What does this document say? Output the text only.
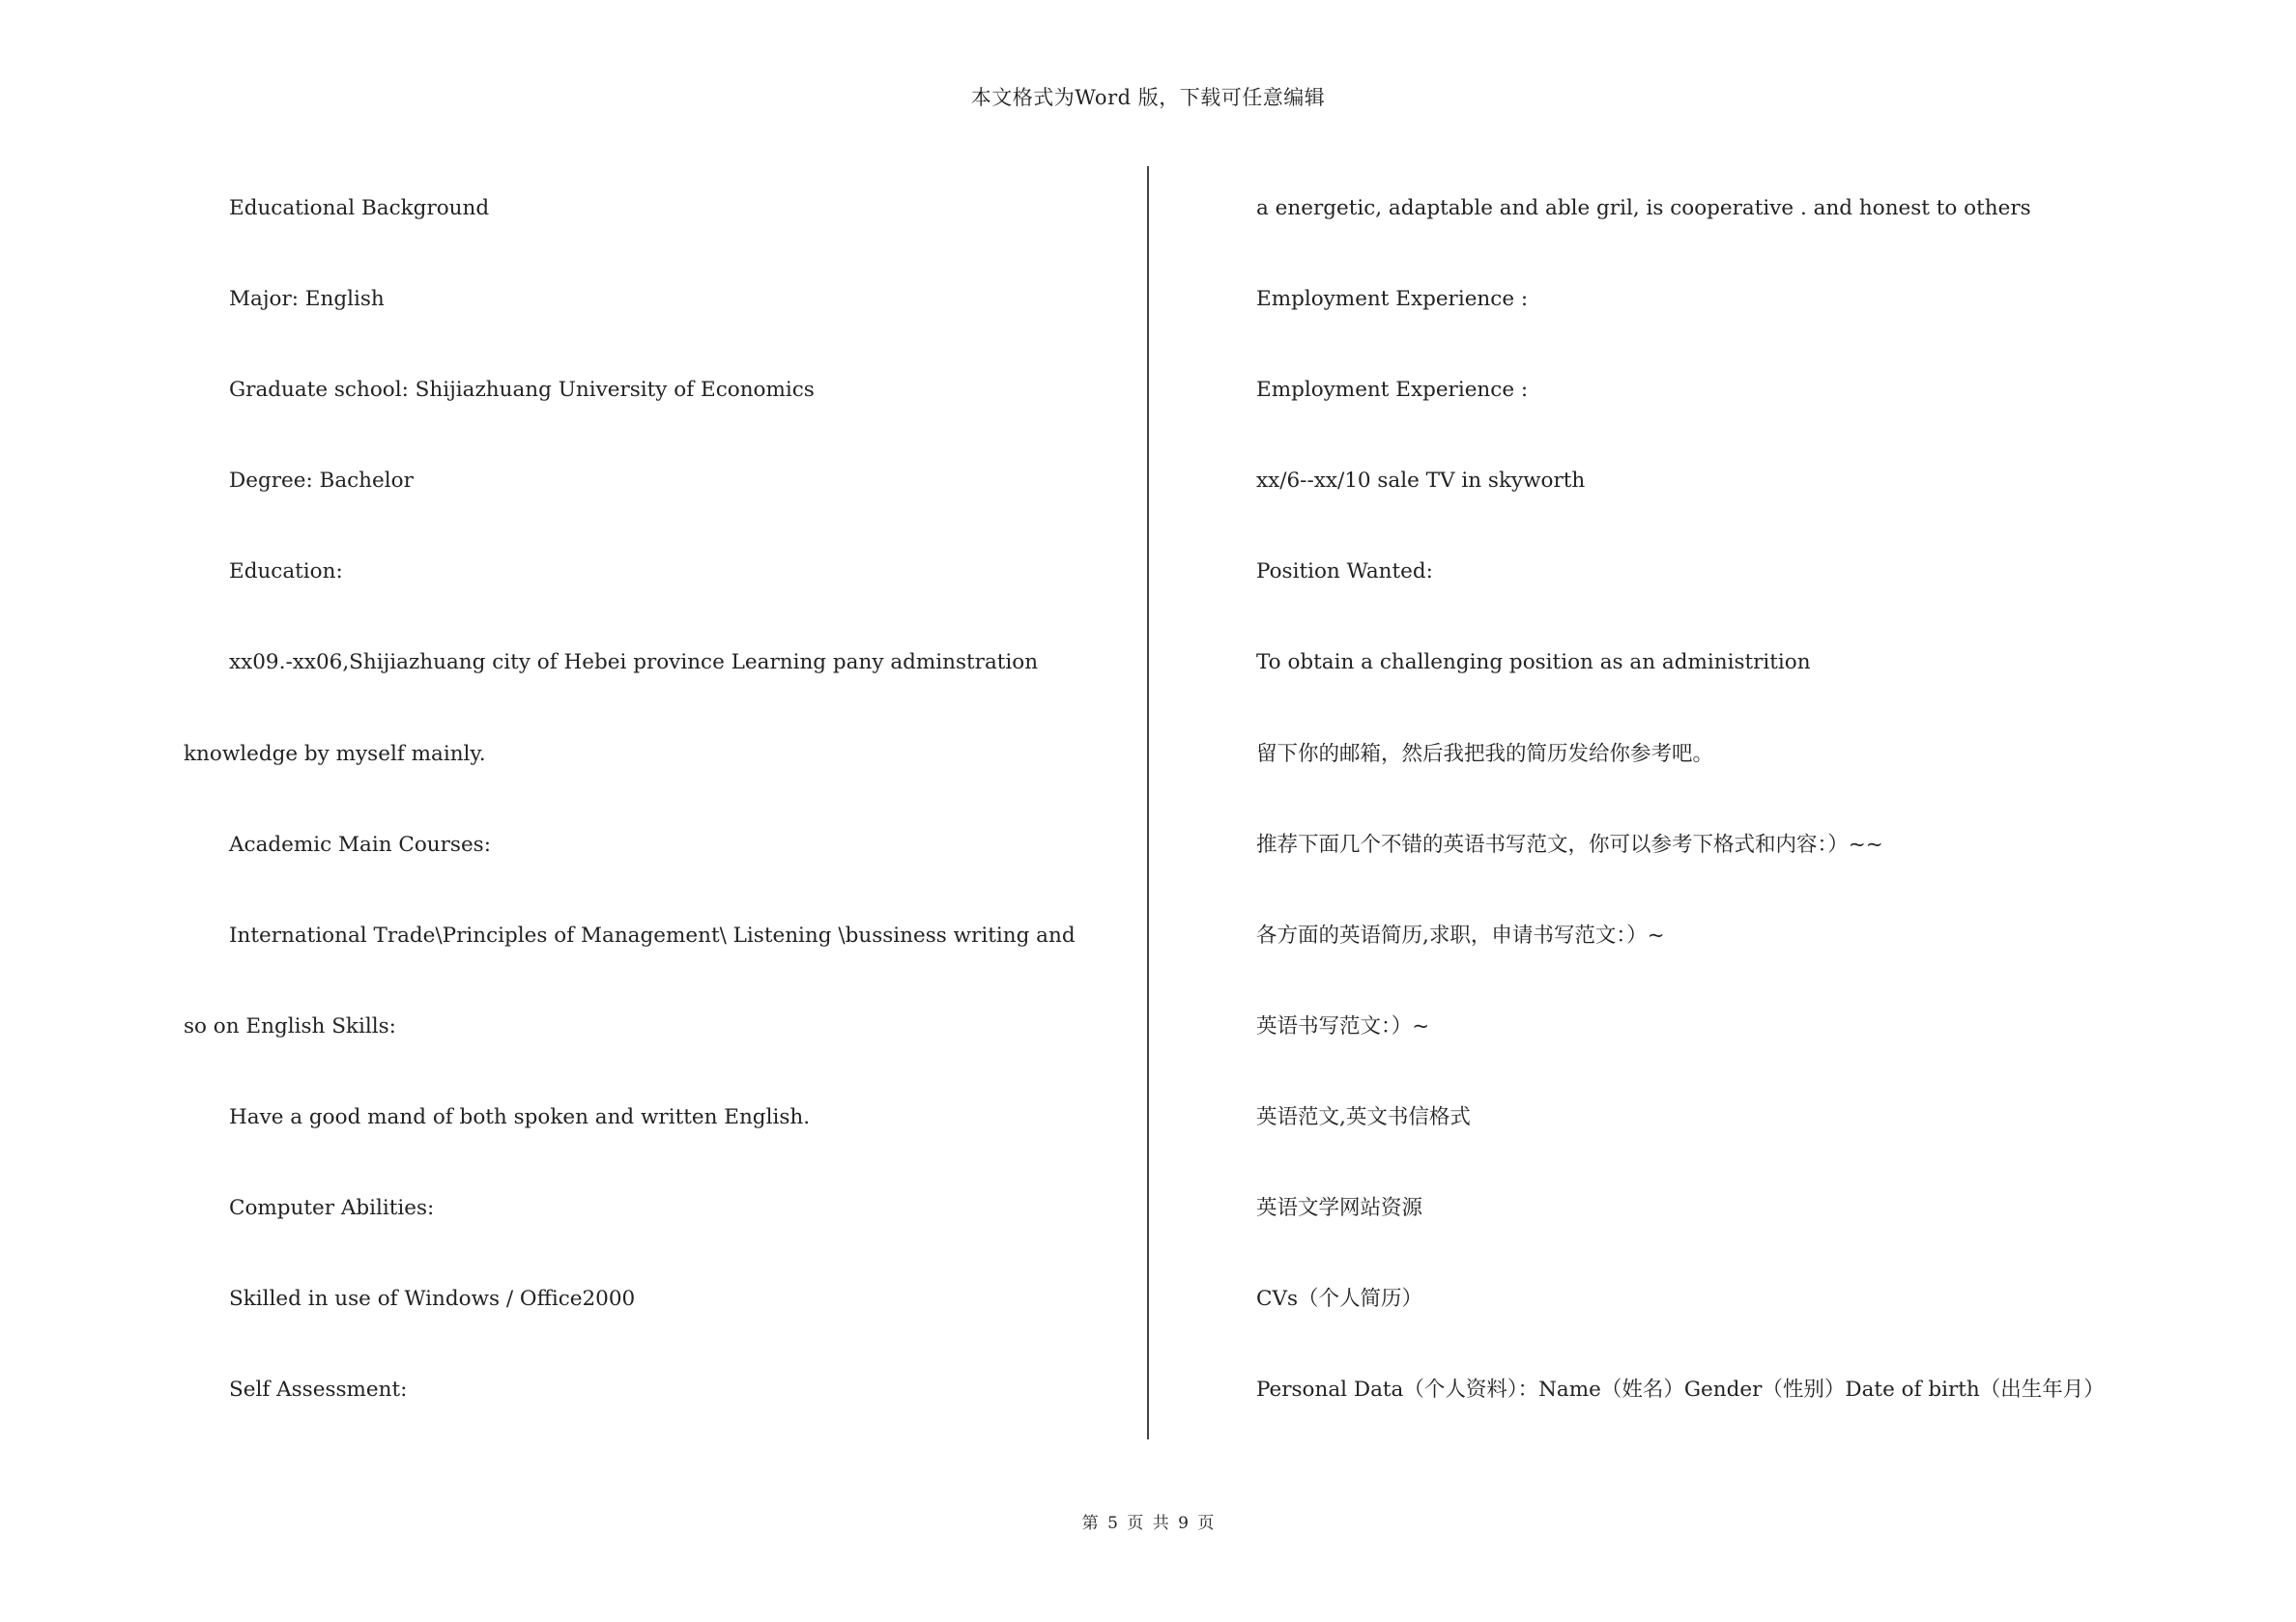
本文格式为Word 版，下载可任意编辑
Educational Background
Major: English
Graduate school: Shijiazhuang University of Economics
Degree: Bachelor
Education:
xx09.-xx06,Shijiazhuang city of Hebei province Learning pany adminstration
knowledge by myself mainly.
Academic Main Courses:
International Trade\Principles of Management\ Listening \bussiness writing and
so on English Skills:
Have a good mand of both spoken and written English.
Computer Abilities:
Skilled in use of Windows / Office2000
Self Assessment:
a energetic, adaptable and able gril, is cooperative . and honest to others
Employment Experience :
Employment Experience :
xx/6--xx/10 sale TV in skyworth
Position Wanted:
To obtain a challenging position as an administrition
留下你的邮箱，然后我把我的简历发给你参考吧。
推荐下面几个不错的英语书写范文，你可以参考下格式和内容：）~~
各方面的英语简历,求职，申请书写范文：）~
英语书写范文：）~
英语范文,英文书信格式
英语文学网站资源
CVs（个人简历）
Personal Data（个人资料）：Name（姓名）Gender（性别）Date of birth（出生年月）
第 5 页 共 9 页
